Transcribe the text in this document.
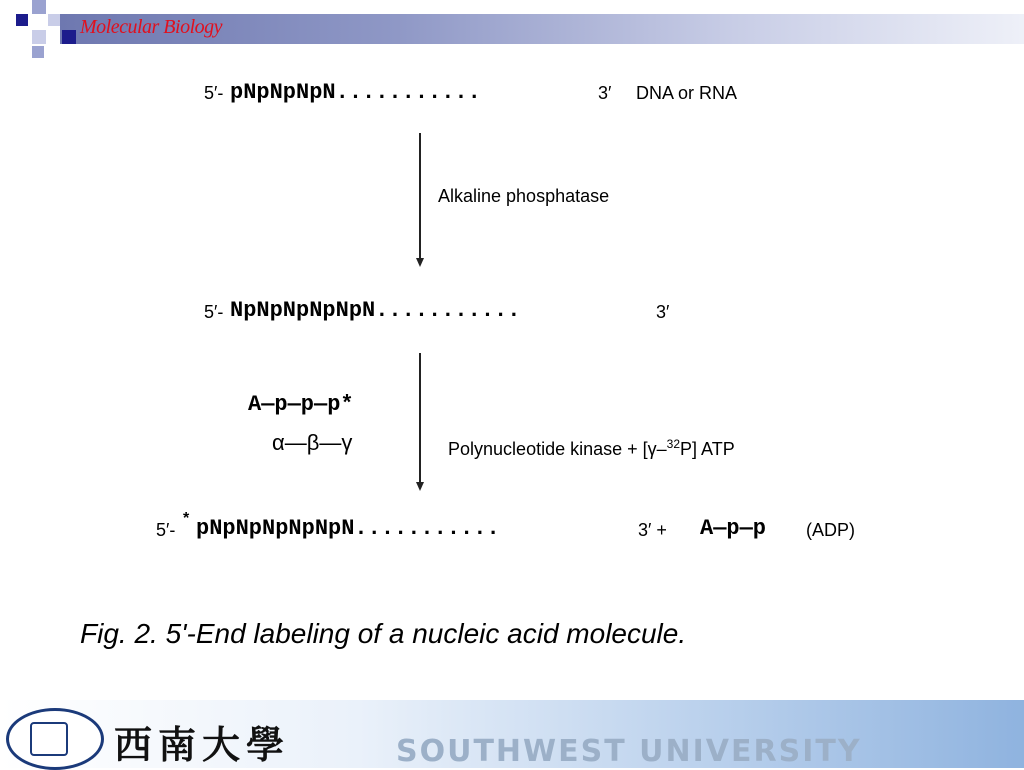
Molecular Biology
5′- pNpNpNpN...........	3′ DNA or RNA
Alkaline phosphatase
5′- NpNpNpNpNpN...........	3′
A—p—p—p*
α—β—γ	Polynucleotide kinase + [γ–$^{32}$P] ATP

5′-
* pNpNpNpNpNpN...........	3′ + A—p—p (ADP)
Fig. 2. 5'-End labeling of a nucleic acid molecule.
西南大學	SOUTHWEST UNIVERSITY
